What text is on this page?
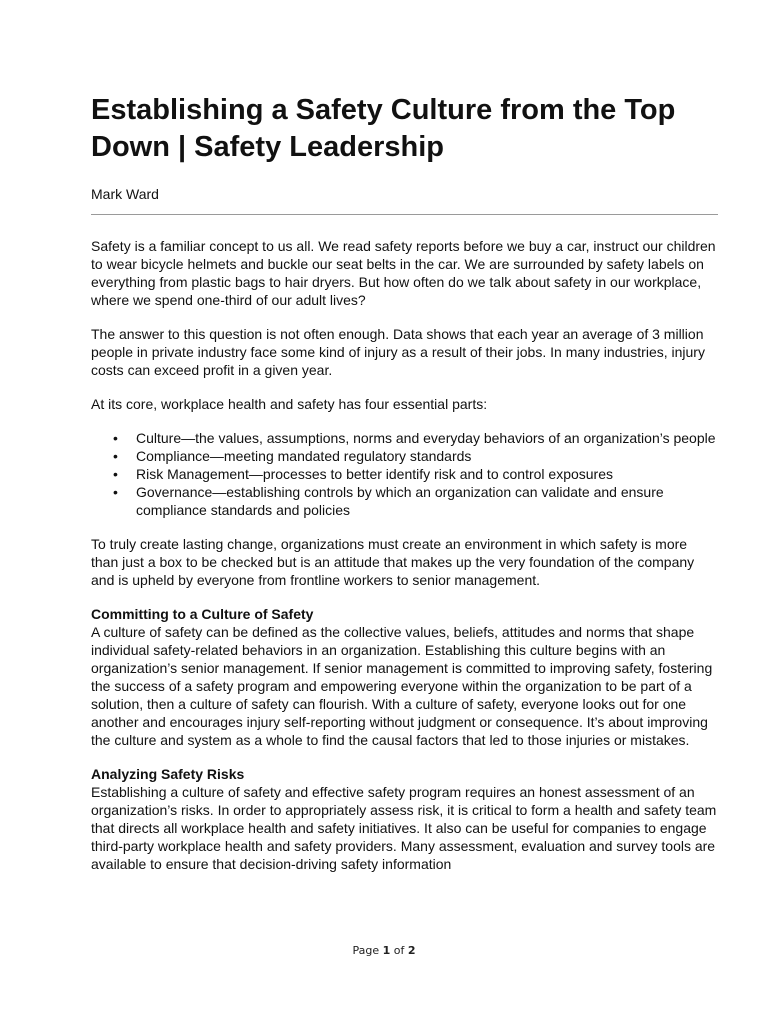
Establishing a Safety Culture from the Top Down | Safety Leadership

Mark Ward

Safety is a familiar concept to us all. We read safety reports before we buy a car, instruct our children to wear bicycle helmets and buckle our seat belts in the car. We are surrounded by safety labels on everything from plastic bags to hair dryers. But how often do we talk about safety in our workplace, where we spend one-third of our adult lives?

The answer to this question is not often enough. Data shows that each year an average of 3 million people in private industry face some kind of injury as a result of their jobs. In many industries, injury costs can exceed profit in a given year.

At its core, workplace health and safety has four essential parts:

• Culture—the values, assumptions, norms and everyday behaviors of an organization’s people
• Compliance—meeting mandated regulatory standards
• Risk Management—processes to better identify risk and to control exposures
• Governance—establishing controls by which an organization can validate and ensure compliance standards and policies

To truly create lasting change, organizations must create an environment in which safety is more than just a box to be checked but is an attitude that makes up the very foundation of the company and is upheld by everyone from frontline workers to senior management.

Committing to a Culture of Safety

A culture of safety can be defined as the collective values, beliefs, attitudes and norms that shape individual safety-related behaviors in an organization. Establishing this culture begins with an organization’s senior management. If senior management is committed to improving safety, fostering the success of a safety program and empowering everyone within the organization to be part of a solution, then a culture of safety can flourish. With a culture of safety, everyone looks out for one another and encourages injury self-reporting without judgment or consequence. It’s about improving the culture and system as a whole to find the causal factors that led to those injuries or mistakes.

Analyzing Safety Risks

Establishing a culture of safety and effective safety program requires an honest assessment of an organization’s risks. In order to appropriately assess risk, it is critical to form a health and safety team that directs all workplace health and safety initiatives. It also can be useful for companies to engage third-party workplace health and safety providers. Many assessment, evaluation and survey tools are available to ensure that decision-driving safety information

Page 1 of 2
